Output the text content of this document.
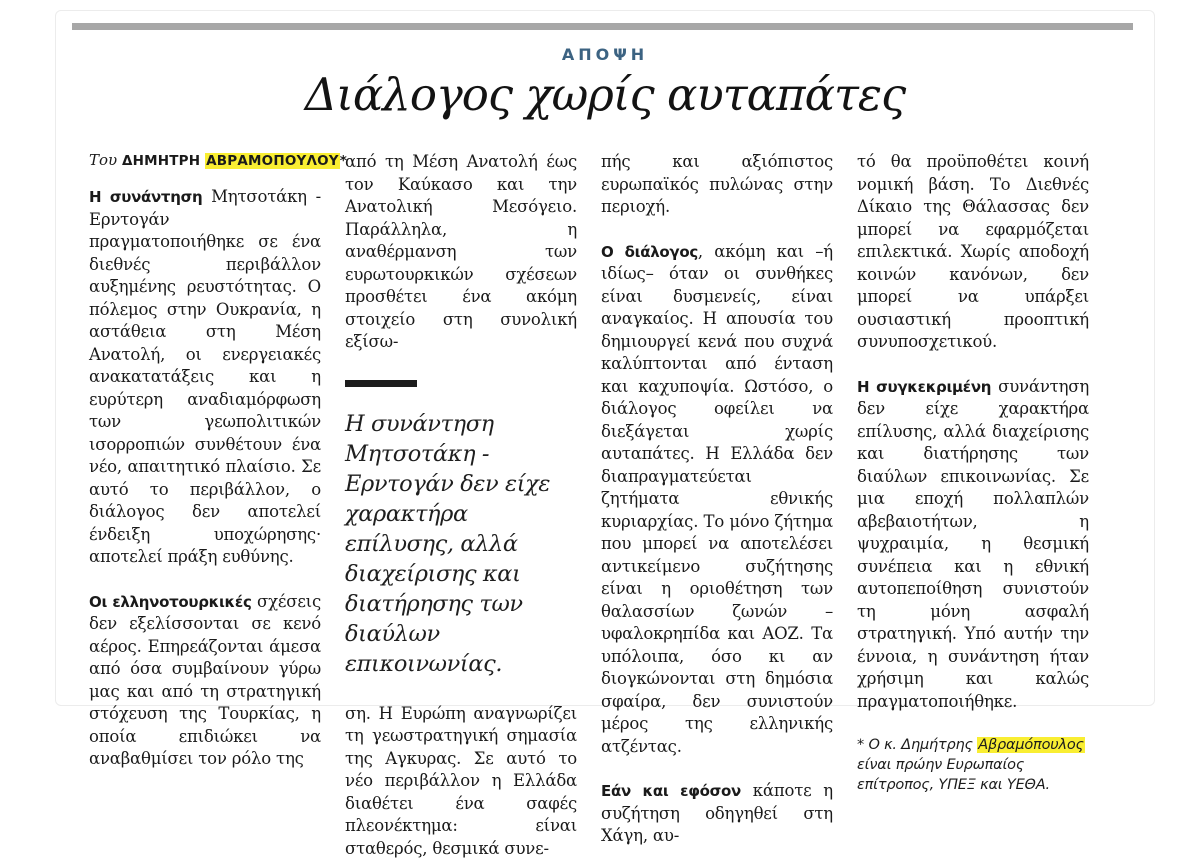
ΑΠΟΨΗ
Διάλογος χωρίς αυταπάτες
Του ΔΗΜΗΤΡΗ ΑΒΡΑΜΟΠΟΥΛΟΥ*

Η συνάντηση Μητσοτάκη - Ερντογάν πραγματοποιήθηκε σε ένα διεθνές περιβάλλον αυξημένης ρευστότητας. Ο πόλεμος στην Ουκρανία, η αστάθεια στη Μέση Ανατολή, οι ενεργειακές ανακατατάξεις και η ευρύτερη αναδιαμόρφωση των γεωπολιτικών ισορροπιών συνθέτουν ένα νέο, απαιτητικό πλαίσιο. Σε αυτό το περιβάλλον, ο διάλογος δεν αποτελεί ένδειξη υποχώρησης· αποτελεί πράξη ευθύνης.

Οι ελληνοτουρκικές σχέσεις δεν εξελίσσονται σε κενό αέρος. Επηρεάζονται άμεσα από όσα συμβαίνουν γύρω μας και από τη στρατηγική στόχευση της Τουρκίας, η οποία επιδιώκει να αναβαθμίσει τον ρόλο της

από τη Μέση Ανατολή έως τον Καύκασο και την Ανατολική Μεσόγειο. Παράλληλα, η αναθέρμανση των ευρωτουρκικών σχέσεων προσθέτει ένα ακόμη στοιχείο στη συνολική εξίσω-

Η συνάντηση Μητσοτάκη - Ερντογάν δεν είχε χαρακτήρα επίλυσης, αλλά διαχείρισης και διατήρησης των διαύλων επικοινωνίας.

ση. Η Ευρώπη αναγνωρίζει τη γεωστρατηγική σημασία της Αγκυρας. Σε αυτό το νέο περιβάλλον η Ελλάδα διαθέτει ένα σαφές πλεονέκτημα: είναι σταθερός, θεσμικά συνε-

πής και αξιόπιστος ευρωπαϊκός πυλώνας στην περιοχή.

Ο διάλογος, ακόμη και –ή ιδίως– όταν οι συνθήκες είναι δυσμενείς, είναι αναγκαίος. Η απουσία του δημιουργεί κενά που συχνά καλύπτονται από ένταση και καχυποψία. Ωστόσο, ο διάλογος οφείλει να διεξάγεται χωρίς αυταπάτες. Η Ελλάδα δεν διαπραγματεύεται ζητήματα εθνικής κυριαρχίας. Το μόνο ζήτημα που μπορεί να αποτελέσει αντικείμενο συζήτησης είναι η οριοθέτηση των θαλασσίων ζωνών – υφαλοκρηπίδα και ΑΟΖ. Τα υπόλοιπα, όσο κι αν διογκώνονται στη δημόσια σφαίρα, δεν συνιστούν μέρος της ελληνικής ατζέντας.

Εάν και εφόσον κάποτε η συζήτηση οδηγηθεί στη Χάγη, αυ-

τό θα προϋποθέτει κοινή νομική βάση. Το Διεθνές Δίκαιο της Θάλασσας δεν μπορεί να εφαρμόζεται επιλεκτικά. Χωρίς αποδοχή κοινών κανόνων, δεν μπορεί να υπάρξει ουσιαστική προοπτική συνυποσχετικού.

Η συγκεκριμένη συνάντηση δεν είχε χαρακτήρα επίλυσης, αλλά διαχείρισης και διατήρησης των διαύλων επικοινωνίας. Σε μια εποχή πολλαπλών αβεβαιοτήτων, η ψυχραιμία, η θεσμική συνέπεια και η εθνική αυτοπεποίθηση συνιστούν τη μόνη ασφαλή στρατηγική. Υπό αυτήν την έννοια, η συνάντηση ήταν χρήσιμη και καλώς πραγματοποιήθηκε.

* Ο κ. Δημήτρης Αβραμόπουλος είναι πρώην Ευρωπαίος επίτροπος, ΥΠΕΞ και ΥΕΘΑ.
